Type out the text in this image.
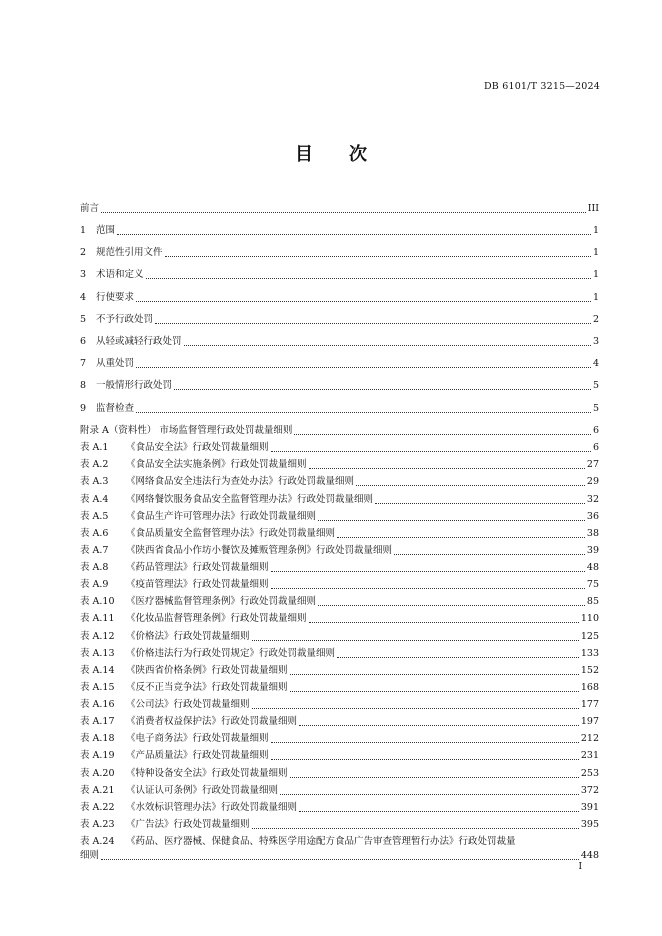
DB 6101/T 3215—2024
目 次
前言	III
1	范围	1
2	规范性引用文件	1
3	术语和定义	1
4	行使要求	1
5	不予行政处罚	2
6	从轻或减轻行政处罚	3
7	从重处罚	4
8	一般情形行政处罚	5
9	监督检查	5
附录 A（资料性） 市场监督管理行政处罚裁量细则	6
表 A.1	《食品安全法》行政处罚裁量细则	6
表 A.2	《食品安全法实施条例》行政处罚裁量细则	27
表 A.3	《网络食品安全违法行为查处办法》行政处罚裁量细则	29
表 A.4	《网络餐饮服务食品安全监督管理办法》行政处罚裁量细则	32
表 A.5	《食品生产许可管理办法》行政处罚裁量细则	36
表 A.6	《食品质量安全监督管理办法》行政处罚裁量细则	38
表 A.7	《陕西省食品小作坊小餐饮及摊贩管理条例》行政处罚裁量细则	39
表 A.8	《药品管理法》行政处罚裁量细则	48
表 A.9	《疫苗管理法》行政处罚裁量细则	75
表 A.10	《医疗器械监督管理条例》行政处罚裁量细则	85
表 A.11	《化妆品监督管理条例》行政处罚裁量细则	110
表 A.12	《价格法》行政处罚裁量细则	125
表 A.13	《价格违法行为行政处罚规定》行政处罚裁量细则	133
表 A.14	《陕西省价格条例》行政处罚裁量细则	152
表 A.15	《反不正当竞争法》行政处罚裁量细则	168
表 A.16	《公司法》行政处罚裁量细则	177
表 A.17	《消费者权益保护法》行政处罚裁量细则	197
表 A.18	《电子商务法》行政处罚裁量细则	212
表 A.19	《产品质量法》行政处罚裁量细则	231
表 A.20	《特种设备安全法》行政处罚裁量细则	253
表 A.21	《认证认可条例》行政处罚裁量细则	372
表 A.22	《水效标识管理办法》行政处罚裁量细则	391
表 A.23	《广告法》行政处罚裁量细则	395
表 A.24	《药品、医疗器械、保健食品、特殊医学用途配方食品广告审查管理暂行办法》行政处罚裁量
细则	448
I
